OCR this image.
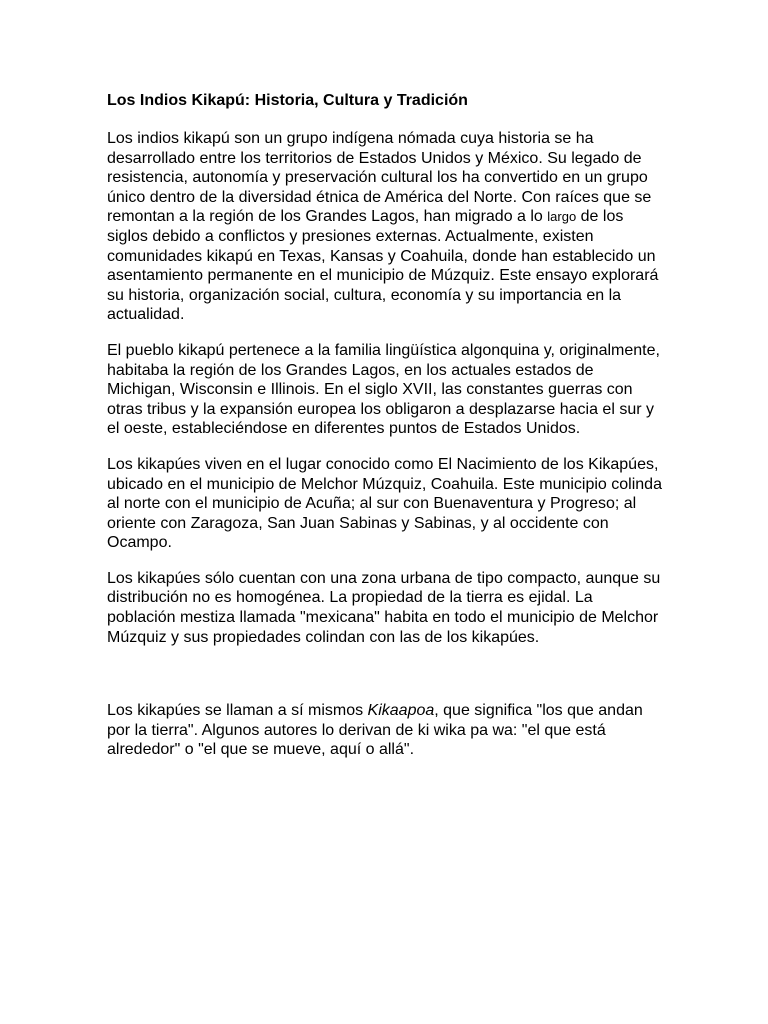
Los Indios Kikapú: Historia, Cultura y Tradición

Los indios kikapú son un grupo indígena nómada cuya historia se ha desarrollado entre los territorios de Estados Unidos y México. Su legado de resistencia, autonomía y preservación cultural los ha convertido en un grupo único dentro de la diversidad étnica de América del Norte. Con raíces que se remontan a la región de los Grandes Lagos, han migrado a lo largo de los siglos debido a conflictos y presiones externas. Actualmente, existen comunidades kikapú en Texas, Kansas y Coahuila, donde han establecido un asentamiento permanente en el municipio de Múzquiz. Este ensayo explorará su historia, organización social, cultura, economía y su importancia en la actualidad.

El pueblo kikapú pertenece a la familia lingüística algonquina y, originalmente, habitaba la región de los Grandes Lagos, en los actuales estados de Michigan, Wisconsin e Illinois. En el siglo XVII, las constantes guerras con otras tribus y la expansión europea los obligaron a desplazarse hacia el sur y el oeste, estableciéndose en diferentes puntos de Estados Unidos.

Los kikapúes viven en el lugar conocido como El Nacimiento de los Kikapúes, ubicado en el municipio de Melchor Múzquiz, Coahuila. Este municipio colinda al norte con el municipio de Acuña; al sur con Buenaventura y Progreso; al oriente con Zaragoza, San Juan Sabinas y Sabinas, y al occidente con Ocampo.

Los kikapúes sólo cuentan con una zona urbana de tipo compacto, aunque su distribución no es homogénea. La propiedad de la tierra es ejidal. La población mestiza llamada "mexicana" habita en todo el municipio de Melchor Múzquiz y sus propiedades colindan con las de los kikapúes.

Los kikapúes se llaman a sí mismos Kikaapoa, que significa "los que andan por la tierra". Algunos autores lo derivan de ki wika pa wa: "el que está alrededor" o "el que se mueve, aquí o allá".
